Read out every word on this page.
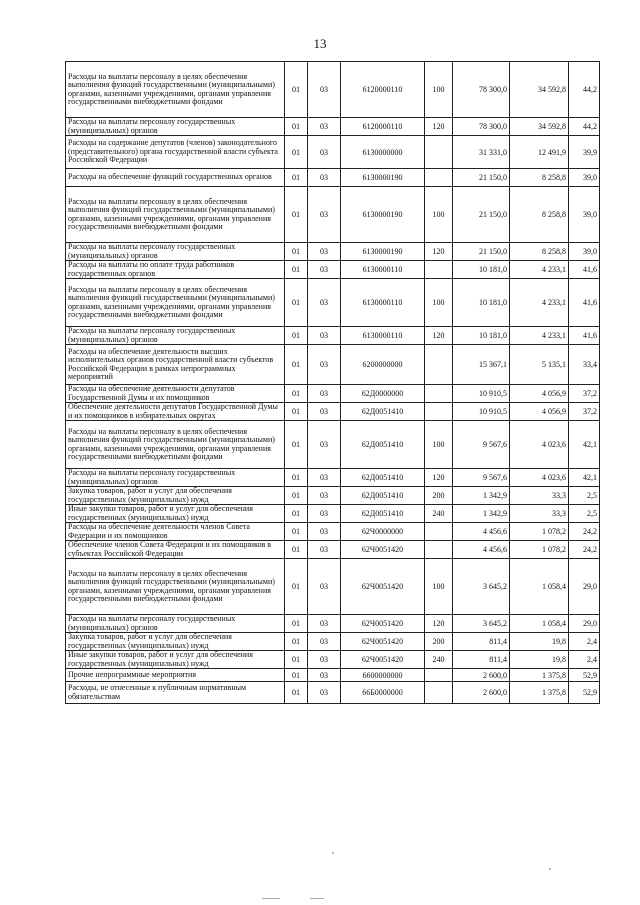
13
Расходы на выплаты персоналу в целях обеспечения выполнения функций государственными (муниципальными) органами, казенными учреждениями, органами управления государственными внебюджетными фондами	01	03	6120000110	100	78 300,0	34 592,8	44,2
Расходы на выплаты персоналу государственных (муниципальных) органов	01	03	6120000110	120	78 300,0	34 592,8	44,2
Расходы на содержание депутатов (членов) законодательного (представительного) органа государственной власти субъекта Российской Федерации	01	03	6130000000		31 331,0	12 491,9	39,9
Расходы на обеспечение функций государственных органов	01	03	6130000190		21 150,0	8 258,8	39,0
Расходы на выплаты персоналу в целях обеспечения выполнения функций государственными (муниципальными) органами, казенными учреждениями, органами управления государственными внебюджетными фондами	01	03	6130000190	100	21 150,0	8 258,8	39,0
Расходы на выплаты персоналу государственных (муниципальных) органов	01	03	6130000190	120	21 150,0	8 258,8	39,0
Расходы на выплаты по оплате труда работников государственных органов	01	03	6130000110		10 181,0	4 233,1	41,6
Расходы на выплаты персоналу в целях обеспечения выполнения функций государственными (муниципальными) органами, казенными учреждениями, органами управления государственными внебюджетными фондами	01	03	6130000110	100	10 181,0	4 233,1	41,6
Расходы на выплаты персоналу государственных (муниципальных) органов	01	03	6130000110	120	10 181,0	4 233,1	41,6
Расходы на обеспечение деятельности высших исполнительных органов государственной власти субъектов Российской Федерации в рамках непрограммных мероприятий	01	03	6200000000		15 367,1	5 135,1	33,4
Расходы на обеспечение деятельности депутатов Государственной Думы и их помощников	01	03	62Д0000000		10 910,5	4 056,9	37,2
Обеспечение деятельности депутатов Государственной Думы и их помощников в избирательных округах	01	03	62Д0051410		10 910,5	4 056,9	37,2
Расходы на выплаты персоналу в целях обеспечения выполнения функций государственными (муниципальными) органами, казенными учреждениями, органами управления государственными внебюджетными фондами	01	03	62Д0051410	100	9 567,6	4 023,6	42,1
Расходы на выплаты персоналу государственных (муниципальных) органов	01	03	62Д0051410	120	9 567,6	4 023,6	42,1
Закупка товаров, работ и услуг для обеспечения государственных (муниципальных) нужд	01	03	62Д0051410	200	1 342,9	33,3	2,5
Иные закупки товаров, работ и услуг для обеспечения государственных (муниципальных) нужд	01	03	62Д0051410	240	1 342,9	33,3	2,5
Расходы на обеспечение деятельности членов Совета Федерации и их помощников	01	03	62Ч0000000		4 456,6	1 078,2	24,2
Обеспечение членов Совета Федерации и их помощников в субъектах Российской Федерации	01	03	62Ч0051420		4 456,6	1 078,2	24,2
Расходы на выплаты персоналу в целях обеспечения выполнения функций государственными (муниципальными) органами, казенными учреждениями, органами управления государственными внебюджетными фондами	01	03	62Ч0051420	100	3 645,2	1 058,4	29,0
Расходы на выплаты персоналу государственных (муниципальных) органов	01	03	62Ч0051420	120	3 645,2	1 058,4	29,0
Закупка товаров, работ и услуг для обеспечения государственных (муниципальных) нужд	01	03	62Ч0051420	200	811,4	19,8	2,4
Иные закупки товаров, работ и услуг для обеспечения государственных (муниципальных) нужд	01	03	62Ч0051420	240	811,4	19,8	2,4
Прочие непрограммные мероприятия	01	03	6600000000		2 600,0	1 375,8	52,9
Расходы, не отнесенные к публичным нормативным обязательствам	01	03	66Б0000000		2 600,0	1 375,8	52,9
